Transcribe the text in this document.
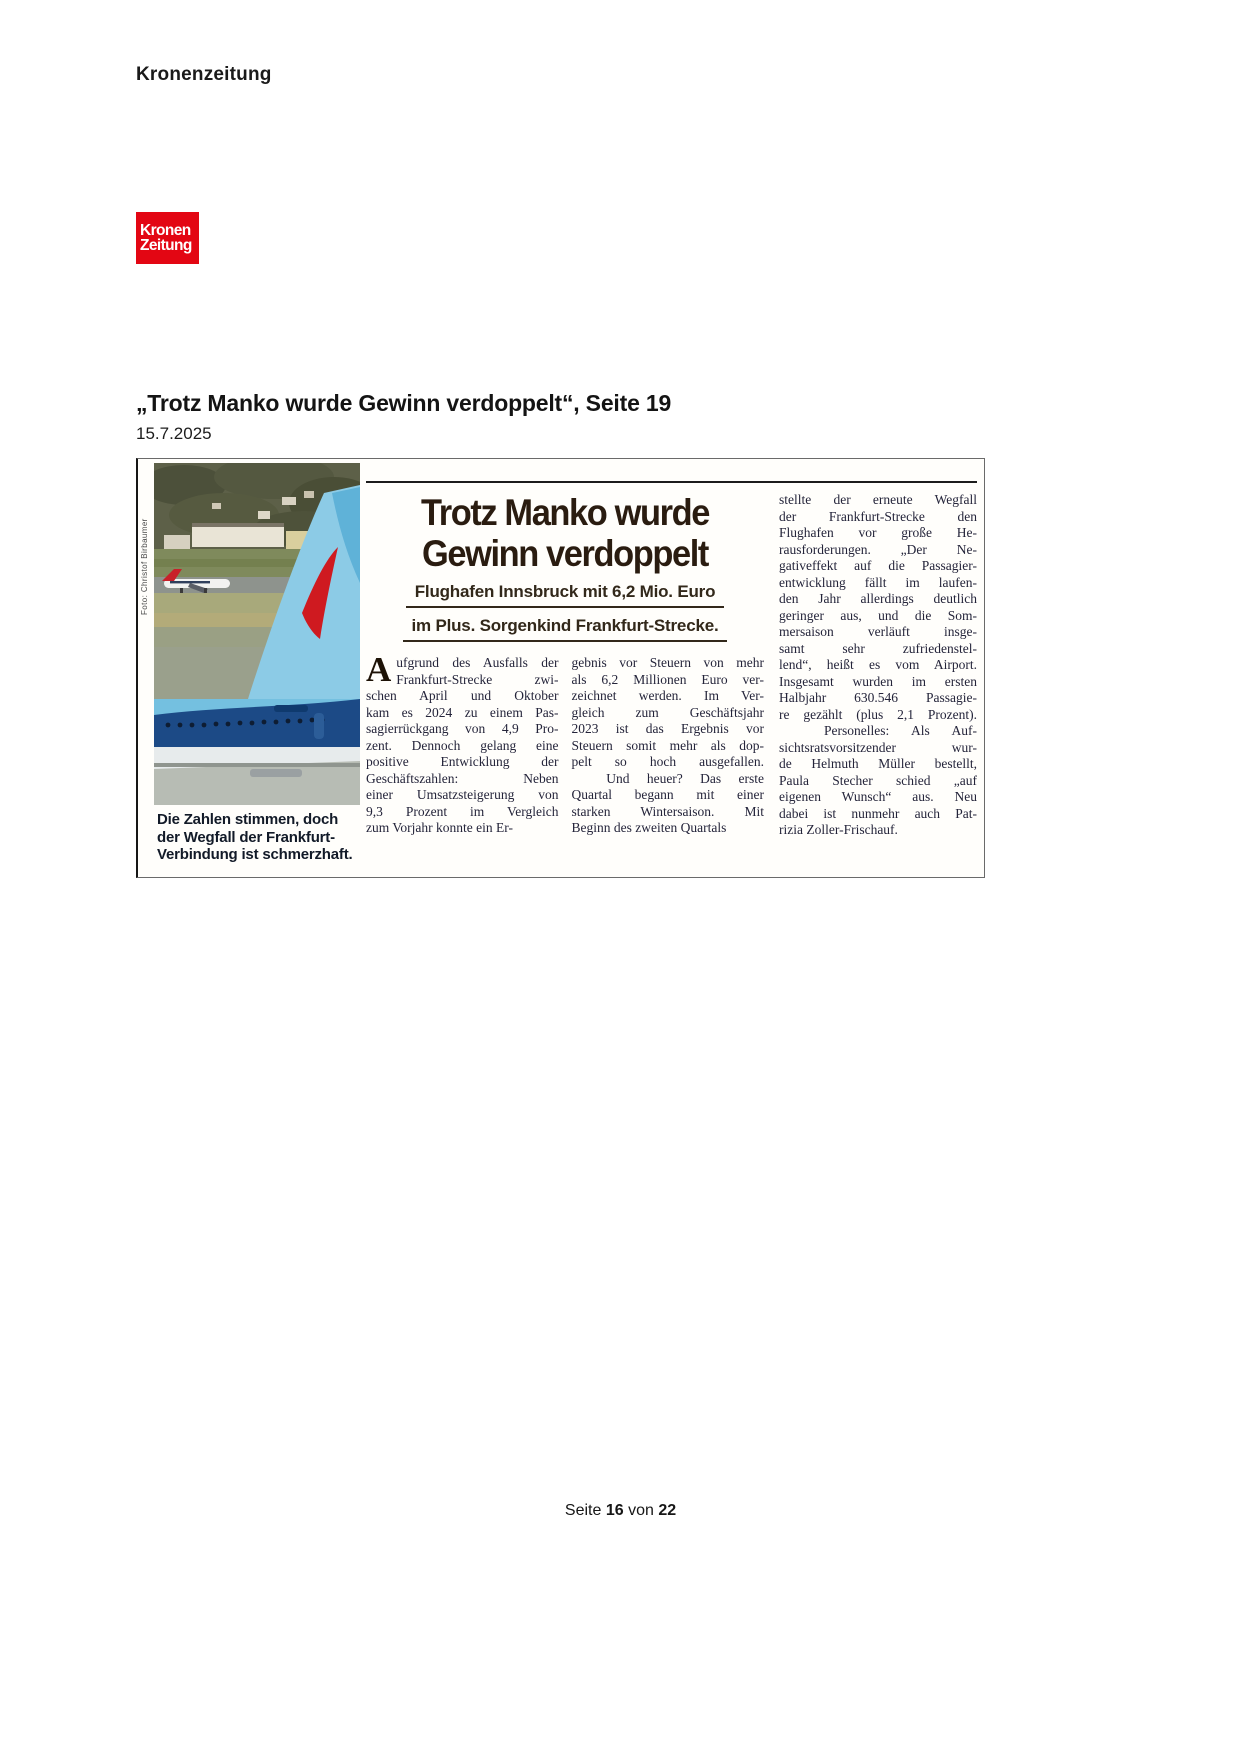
Kronenzeitung
Kronen
Zeitung
„Trotz Manko wurde Gewinn verdoppelt“, Seite 19
15.7.2025
Foto: Christof Birbaumer
Die Zahlen stimmen, doch
der Wegfall der Frankfurt-
Verbindung ist schmerzhaft.
Trotz Manko wurde
Gewinn verdoppelt
Flughafen Innsbruck mit 6,2 Mio. Euro
im Plus. Sorgenkind Frankfurt-Strecke.
A ufgrund des Ausfalls der
Frankfurt-Strecke  zwi-
schen April und Oktober
kam es 2024 zu einem Pas-
sagierrückgang von 4,9 Pro-
zent. Dennoch gelang eine
positive Entwicklung der
Geschäftszahlen:   Neben
einer Umsatzsteigerung von
9,3 Prozent im Vergleich
zum Vorjahr konnte ein Er-
gebnis vor Steuern von mehr
als 6,2 Millionen Euro ver-
zeichnet werden. Im Ver-
gleich zum Geschäftsjahr
2023 ist das Ergebnis vor
Steuern somit mehr als dop-
pelt so hoch ausgefallen.
Und heuer? Das erste
Quartal begann mit einer
starken Wintersaison. Mit
Beginn des zweiten Quartals
stellte der erneute Wegfall
der Frankfurt-Strecke den
Flughafen vor große He-
rausforderungen. „Der Ne-
gativeffekt auf die Passagier-
entwicklung fällt im laufen-
den Jahr allerdings deutlich
geringer aus, und die Som-
mersaison verläuft insge-
samt sehr zufriedenstel-
lend“, heißt es vom Airport.
Insgesamt wurden im ersten
Halbjahr 630.546 Passagie-
re gezählt (plus 2,1 Prozent).
Personelles: Als Auf-
sichtsratsvorsitzender wur-
de Helmuth Müller bestellt,
Paula Stecher schied „auf
eigenen Wunsch“ aus. Neu
dabei ist nunmehr auch Pat-
rizia Zoller-Frischauf.
Seite 16 von 22
